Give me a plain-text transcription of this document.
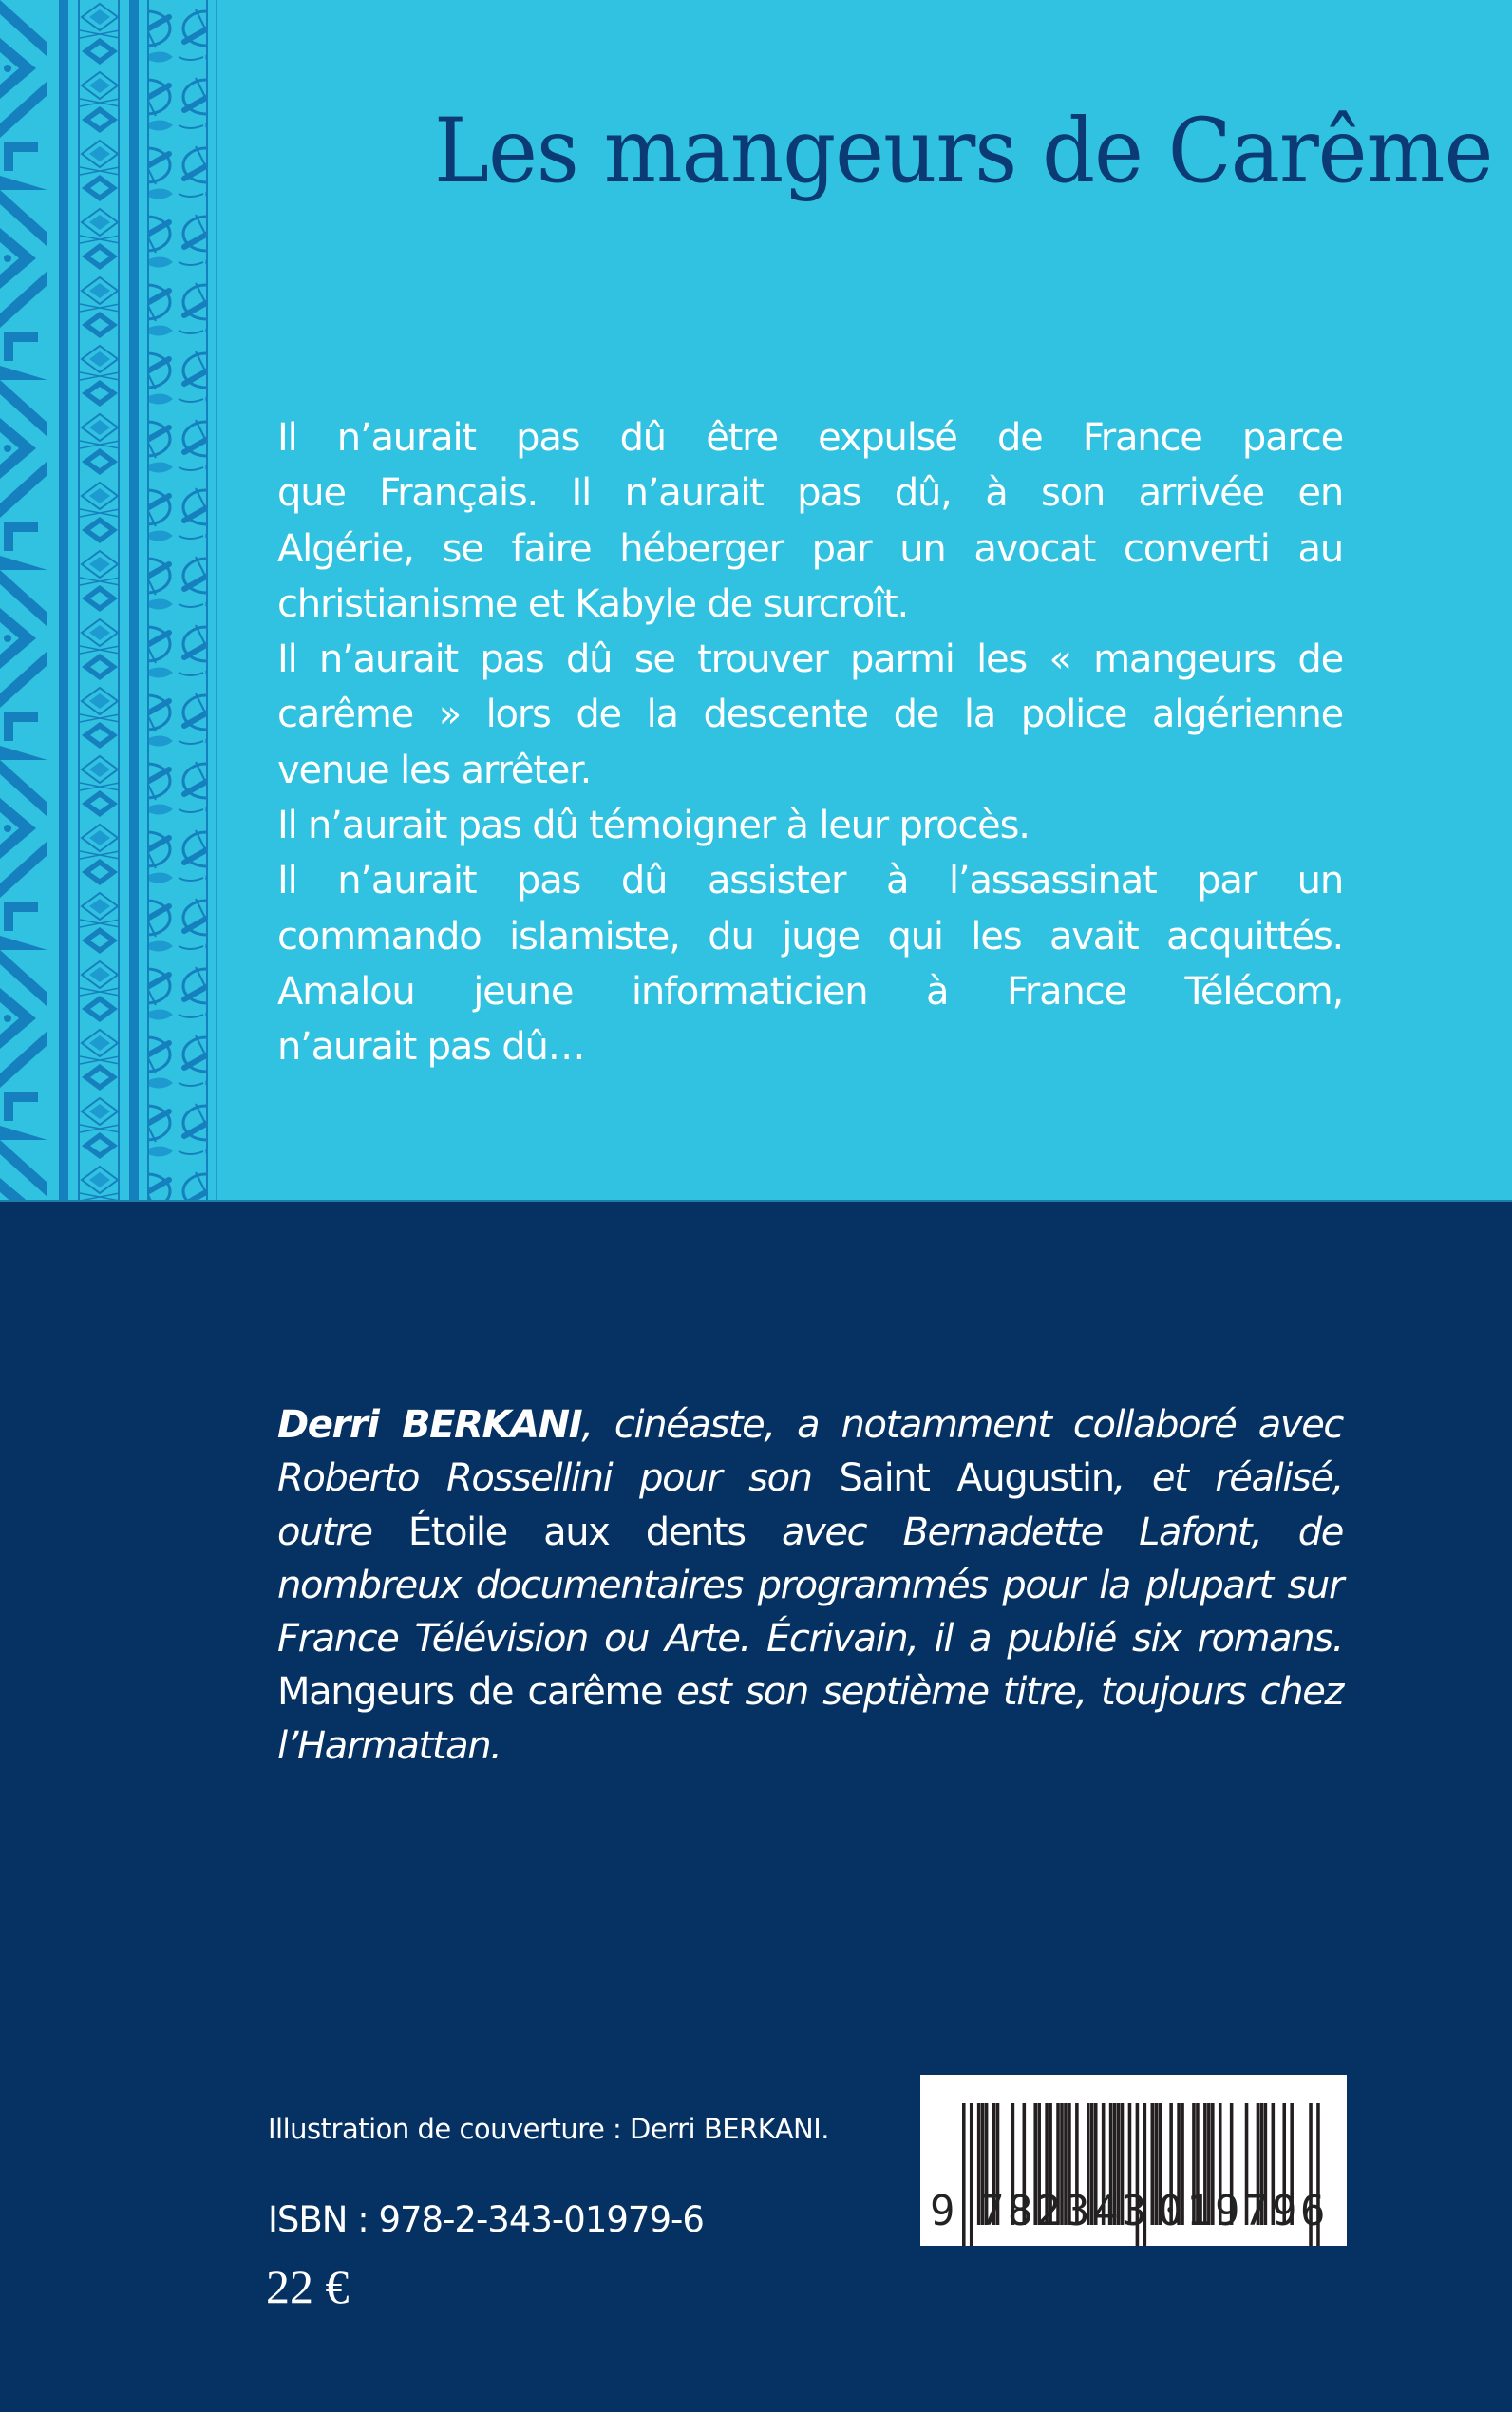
Les mangeurs de Carême
Il n’aurait pas dû être expulsé de France parce
que Français. Il n’aurait pas dû, à son arrivée en
Algérie, se faire héberger par un avocat converti au
christianisme et Kabyle de surcroît.
Il n’aurait pas dû se trouver parmi les « mangeurs de
carême » lors de la descente de la police algérienne
venue les arrêter.
Il n’aurait pas dû témoigner à leur procès.
Il n’aurait pas dû assister à l’assassinat par un
commando islamiste, du juge qui les avait acquittés.
Amalou jeune informaticien à France Télécom,
n’aurait pas dû…
Derri BERKANI, cinéaste, a notamment collaboré avec
Roberto Rossellini pour son Saint Augustin, et réalisé,
outre Étoile aux dents avec Bernadette Lafont, de
nombreux documentaires programmés pour la plupart sur
France Télévision ou Arte. Écrivain, il a publié six romans.
Mangeurs de carême est son septième titre, toujours chez
l’Harmattan.
Illustration de couverture : Derri BERKANI.
ISBN : 978-2-343-01979-6
22 €
9 782343 019796
